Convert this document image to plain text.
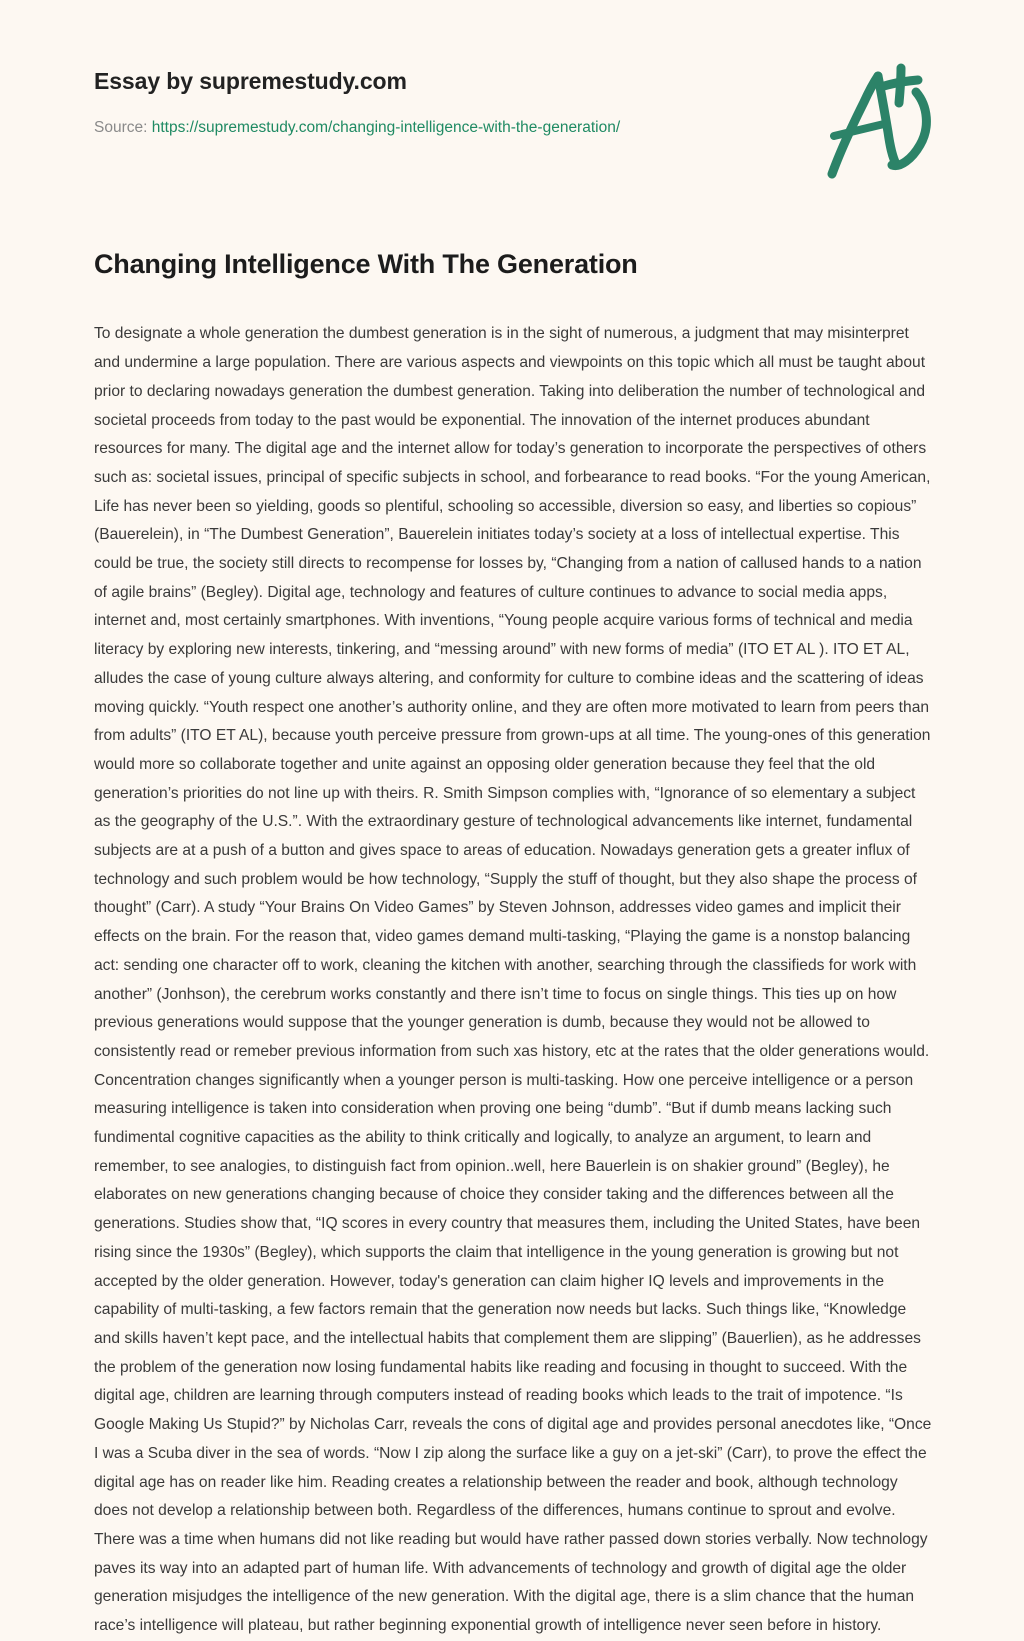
Essay by supremestudy.com
Source: https://supremestudy.com/changing-intelligence-with-the-generation/
Changing Intelligence With The Generation

To designate a whole generation the dumbest generation is in the sight of numerous, a judgment that may misinterpret and undermine a large population. There are various aspects and viewpoints on this topic which all must be taught about prior to declaring nowadays generation the dumbest generation. Taking into deliberation the number of technological and societal proceeds from today to the past would be exponential. The innovation of the internet produces abundant resources for many. The digital age and the internet allow for today’s generation to incorporate the perspectives of others such as: societal issues, principal of specific subjects in school, and forbearance to read books. “For the young American, Life has never been so yielding, goods so plentiful, schooling so accessible, diversion so easy, and liberties so copious” (Bauerelein), in “The Dumbest Generation”, Bauerelein initiates today’s society at a loss of intellectual expertise. This could be true, the society still directs to recompense for losses by, “Changing from a nation of callused hands to a nation of agile brains” (Begley). Digital age, technology and features of culture continues to advance to social media apps, internet and, most certainly smartphones. With inventions, “Young people acquire various forms of technical and media literacy by exploring new interests, tinkering, and “messing around” with new forms of media” (ITO ET AL ). ITO ET AL, alludes the case of young culture always altering, and conformity for culture to combine ideas and the scattering of ideas moving quickly. “Youth respect one another’s authority online, and they are often more motivated to learn from peers than from adults” (ITO ET AL), because youth perceive pressure from grown-ups at all time. The young-ones of this generation would more so collaborate together and unite against an opposing older generation because they feel that the old generation’s priorities do not line up with theirs. R. Smith Simpson complies with, “Ignorance of so elementary a subject as the geography of the U.S.”. With the extraordinary gesture of technological advancements like internet, fundamental subjects are at a push of a button and gives space to areas of education. Nowadays generation gets a greater influx of technology and such problem would be how technology, “Supply the stuff of thought, but they also shape the process of thought” (Carr). A study “Your Brains On Video Games” by Steven Johnson, addresses video games and implicit their effects on the brain. For the reason that, video games demand multi-tasking, “Playing the game is a nonstop balancing act: sending one character off to work, cleaning the kitchen with another, searching through the classifieds for work with another” (Jonhson), the cerebrum works constantly and there isn’t time to focus on single things. This ties up on how previous generations would suppose that the younger generation is dumb, because they would not be allowed to consistently read or remeber previous information from such xas history, etc at the rates that the older generations would. Concentration changes significantly when a younger person is multi-tasking. How one perceive intelligence or a person measuring intelligence is taken into consideration when proving one being “dumb”. “But if dumb means lacking such fundimental cognitive capacities as the ability to think critically and logically, to analyze an argument, to learn and remember, to see analogies, to distinguish fact from opinion..well, here Bauerlein is on shakier ground” (Begley), he elaborates on new generations changing because of choice they consider taking and the differences between all the generations. Studies show that, “IQ scores in every country that measures them, including the United States, have been rising since the 1930s” (Begley), which supports the claim that intelligence in the young generation is growing but not accepted by the older generation. However, today's generation can claim higher IQ levels and improvements in the capability of multi-tasking, a few factors remain that the generation now needs but lacks. Such things like, “Knowledge and skills haven’t kept pace, and the intellectual habits that complement them are slipping” (Bauerlien), as he addresses the problem of the generation now losing fundamental habits like reading and focusing in thought to succeed. With the digital age, children are learning through computers instead of reading books which leads to the trait of impotence. “Is Google Making Us Stupid?” by Nicholas Carr, reveals the cons of digital age and provides personal anecdotes like, “Once I was a Scuba diver in the sea of words. “Now I zip along the surface like a guy on a jet-ski” (Carr), to prove the effect the digital age has on reader like him. Reading creates a relationship between the reader and book, although technology does not develop a relationship between both. Regardless of the differences, humans continue to sprout and evolve. There was a time when humans did not like reading but would have rather passed down stories verbally. Now technology paves its way into an adapted part of human life. With advancements of technology and growth of digital age the older generation misjudges the intelligence of the new generation. With the digital age, there is a slim chance that the human race’s intelligence will plateau, but rather beginning exponential growth of intelligence never seen before in history.
